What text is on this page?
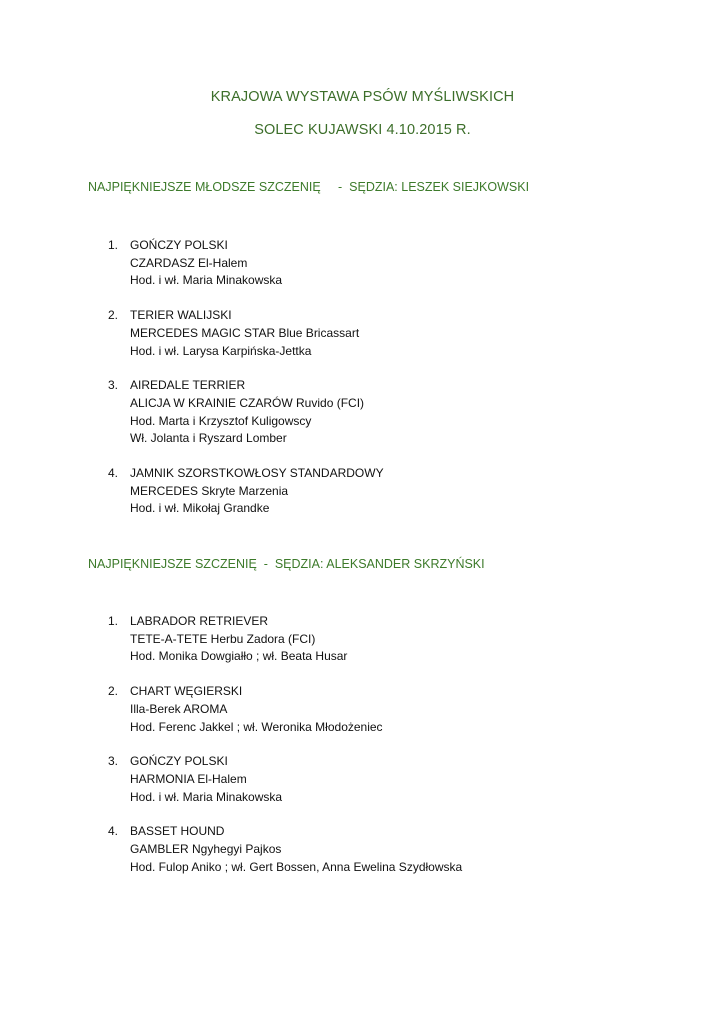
KRAJOWA WYSTAWA PSÓW MYŚLIWSKICH
SOLEC KUJAWSKI 4.10.2015 R.
NAJPIĘKNIEJSZE MŁODSZE SZCZENIĘ     -  SĘDZIA: LESZEK SIEJKOWSKI
1. GOŃCZY POLSKI
CZARDASZ El-Halem
Hod. i wł. Maria Minakowska
2. TERIER WALIJSKI
MERCEDES MAGIC STAR Blue Bricassart
Hod. i wł. Larysa Karpińska-Jettka
3. AIREDALE TERRIER
ALICJA W KRAINIE CZARÓW Ruvido (FCI)
Hod. Marta i Krzysztof Kuligowscy
Wł. Jolanta i Ryszard Lomber
4. JAMNIK SZORSTKOWŁOSY STANDARDOWY
MERCEDES Skryte Marzenia
Hod. i wł. Mikołaj Grandke
NAJPIĘKNIEJSZE SZCZENIĘ  -  SĘDZIA: ALEKSANDER SKRZYŃSKI
1. LABRADOR RETRIEVER
TETE-A-TETE Herbu Zadora (FCI)
Hod. Monika Dowgiałło ; wł. Beata Husar
2. CHART WĘGIERSKI
Illa-Berek AROMA
Hod. Ferenc Jakkel ; wł. Weronika Młodożeniec
3. GOŃCZY POLSKI
HARMONIA El-Halem
Hod. i wł. Maria Minakowska
4. BASSET HOUND
GAMBLER Ngyhegyi Pajkos
Hod. Fulop Aniko ; wł. Gert Bossen, Anna Ewelina Szydłowska
